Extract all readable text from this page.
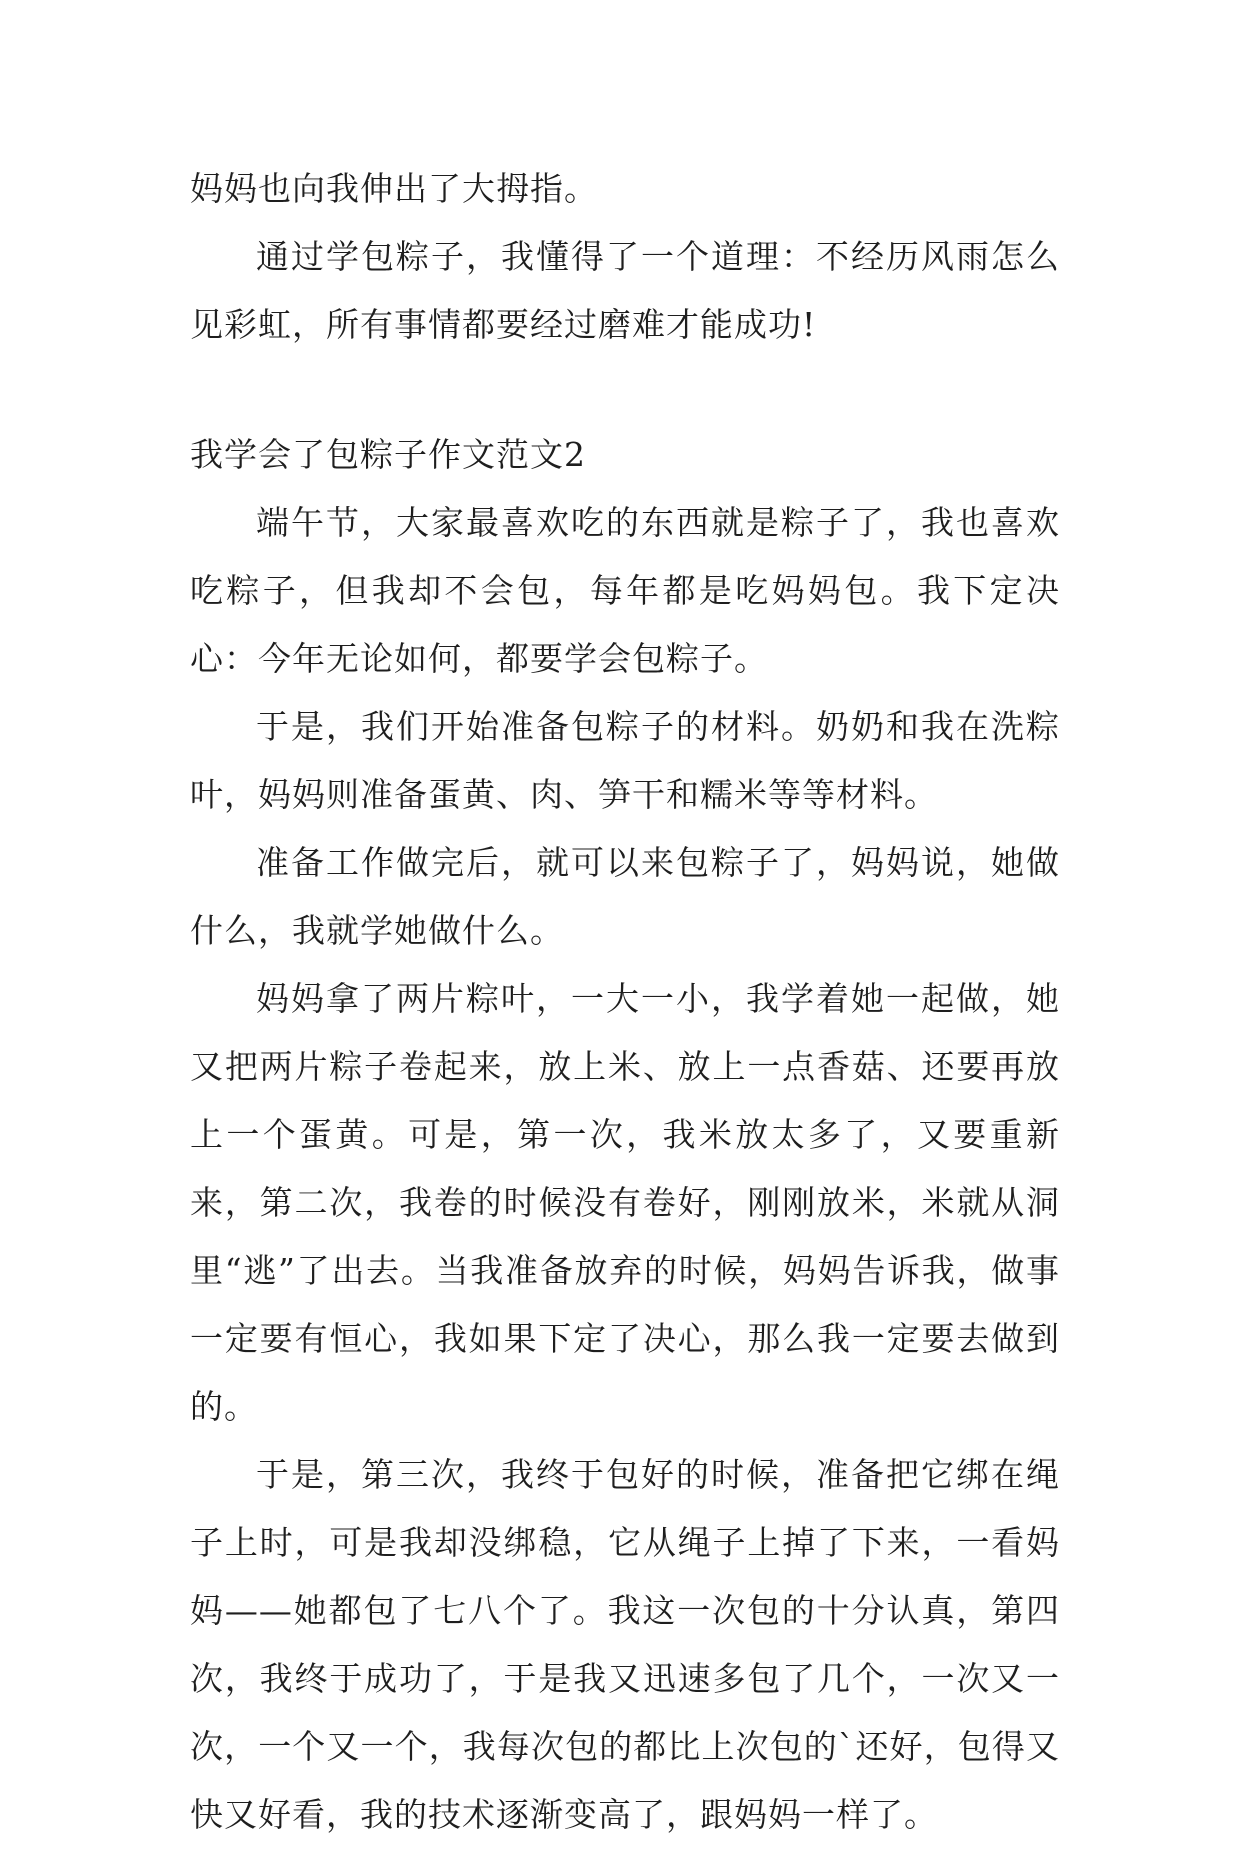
妈妈也向我伸出了大拇指。

通过学包粽子，我懂得了一个道理：不经历风雨怎么见彩虹，所有事情都要经过磨难才能成功!

我学会了包粽子作文范文2

端午节，大家最喜欢吃的东西就是粽子了，我也喜欢吃粽子，但我却不会包，每年都是吃妈妈包。我下定决心：今年无论如何，都要学会包粽子。

于是，我们开始准备包粽子的材料。奶奶和我在洗粽叶，妈妈则准备蛋黄、肉、笋干和糯米等等材料。

准备工作做完后，就可以来包粽子了，妈妈说，她做什么，我就学她做什么。

妈妈拿了两片粽叶，一大一小，我学着她一起做，她又把两片粽子卷起来，放上米、放上一点香菇、还要再放上一个蛋黄。可是，第一次，我米放太多了，又要重新来，第二次，我卷的时候没有卷好，刚刚放米，米就从洞里“逃”了出去。当我准备放弃的时候，妈妈告诉我，做事一定要有恒心，我如果下定了决心，那么我一定要去做到的。

于是，第三次，我终于包好的时候，准备把它绑在绳子上时，可是我却没绑稳，它从绳子上掉了下来，一看妈妈——她都包了七八个了。我这一次包的十分认真，第四次，我终于成功了，于是我又迅速多包了几个，一次又一次，一个又一个，我每次包的都比上次包的`还好，包得又快又好看，我的技术逐渐变高了，跟妈妈一样了。
